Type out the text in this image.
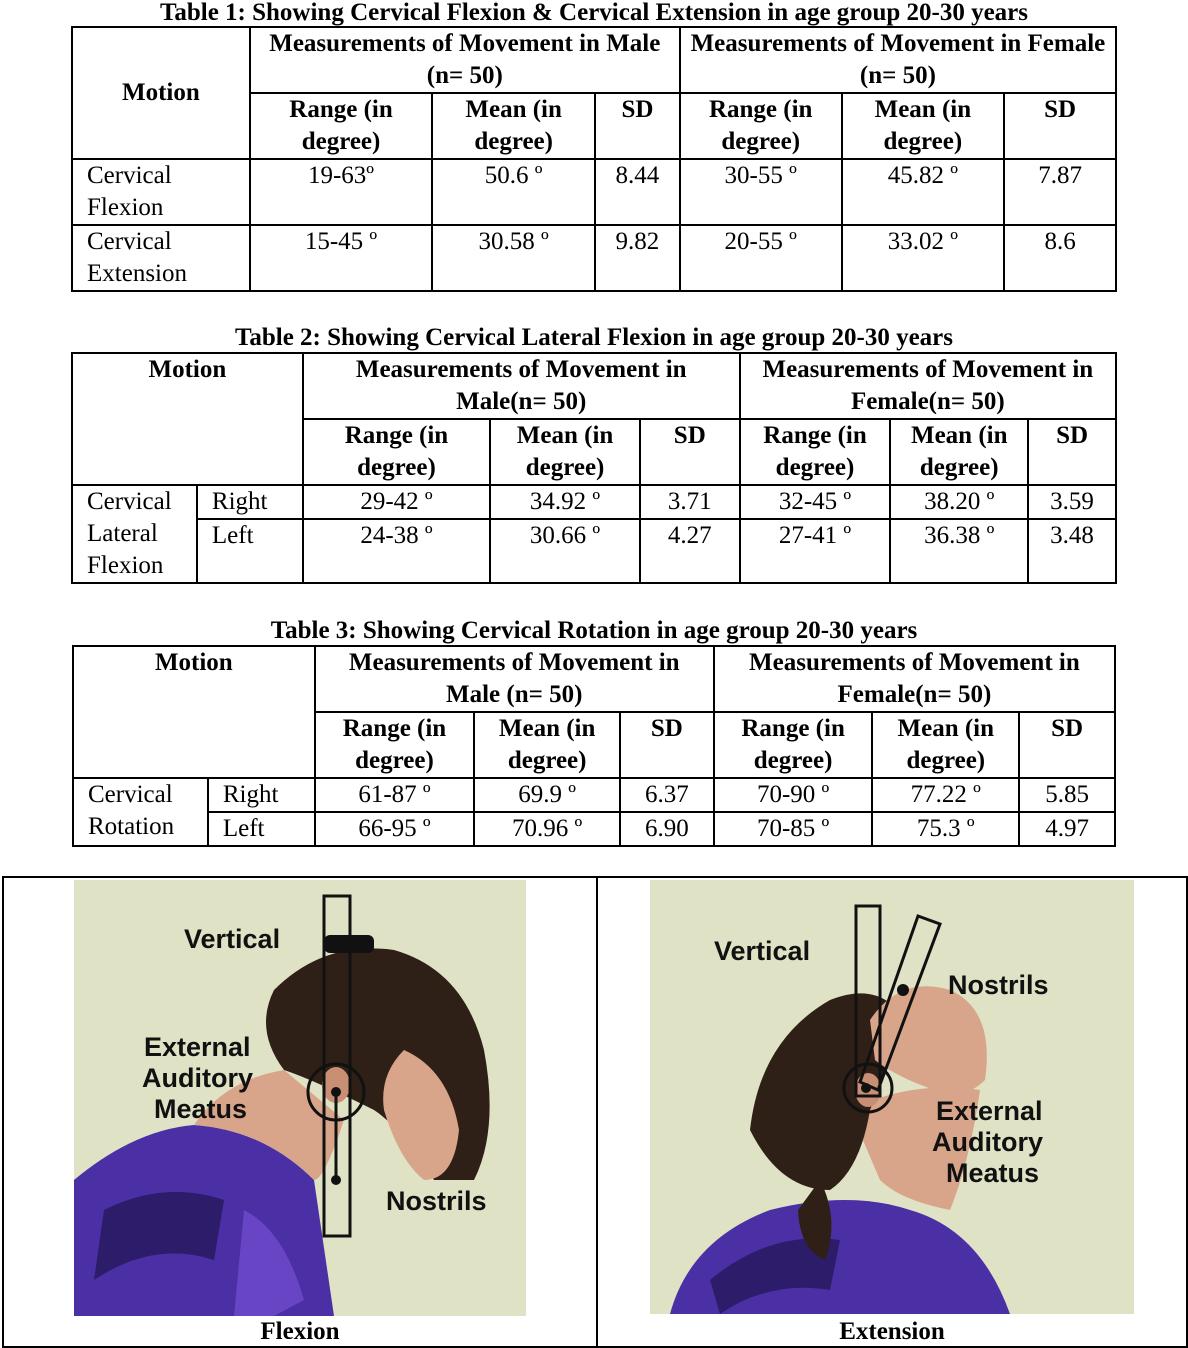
Table 1: Showing Cervical Flexion & Cervical Extension in age group 20-30 years
Motion	Measurements of Movement in Male (n= 50)			Measurements of Movement in Female (n= 50)		
	Range (in degree)	Mean (in degree)	SD	Range (in degree)	Mean (in degree)	SD
Cervical Flexion	19-63º	50.6 º	8.44	30-55 º	45.82 º	7.87
Cervical Extension	15-45 º	30.58 º	9.82	20-55 º	33.02 º	8.6
Table 2: Showing Cervical Lateral Flexion in age group 20-30 years
Motion		Measurements of Movement in Male(n= 50)			Measurements of Movement in Female(n= 50)		
		Range (in degree)	Mean (in degree)	SD	Range (in degree)	Mean (in degree)	SD
Cervical Lateral Flexion	Right	29-42 º	34.92 º	3.71	32-45 º	38.20 º	3.59
	Left	24-38 º	30.66 º	4.27	27-41 º	36.38 º	3.48
Table 3: Showing Cervical Rotation in age group 20-30 years
Motion		Measurements of Movement in Male (n= 50)			Measurements of Movement in Female(n= 50)		
		Range (in degree)	Mean (in degree)	SD	Range (in degree)	Mean (in degree)	SD
Cervical Rotation	Right	61-87 º	69.9 º	6.37	70-90 º	77.22 º	5.85
	Left	66-95 º	70.96 º	6.90	70-85 º	75.3 º	4.97
Vertical
External
Auditory
Meatus
Nostrils
Flexion
Vertical
Nostrils
External
Auditory
Meatus
Extension
